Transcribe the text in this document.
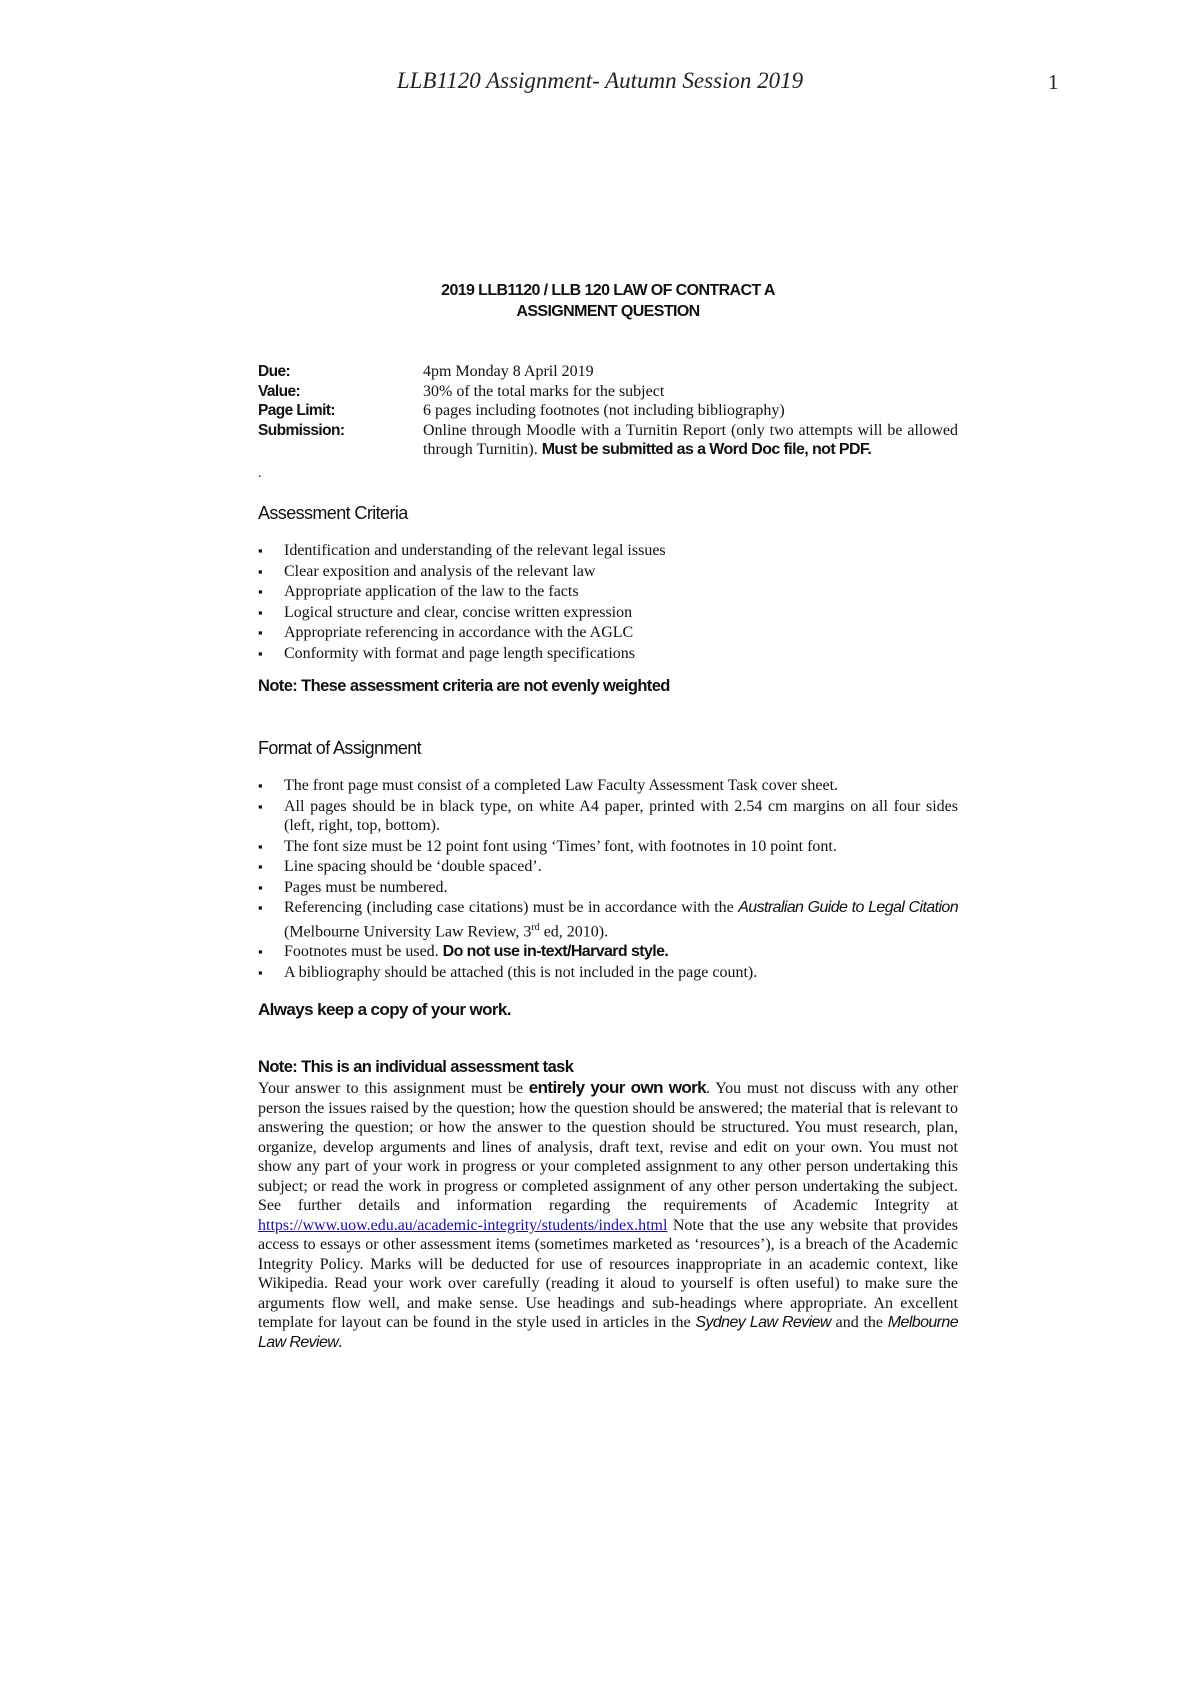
LLB1120 Assignment- Autumn Session 2019	1
2019 LLB1120 / LLB 120 LAW OF CONTRACT A
ASSIGNMENT QUESTION
Due:	4pm Monday 8 April 2019
Value:	30% of the total marks for the subject
Page Limit:	6 pages including footnotes (not including bibliography)
Submission:	Online through Moodle with a Turnitin Report (only two attempts will be allowed through Turnitin). Must be submitted as a Word Doc file, not PDF.
.
Assessment Criteria
▪ Identification and understanding of the relevant legal issues
▪ Clear exposition and analysis of the relevant law
▪ Appropriate application of the law to the facts
▪ Logical structure and clear, concise written expression
▪ Appropriate referencing in accordance with the AGLC
▪ Conformity with format and page length specifications
Note: These assessment criteria are not evenly weighted
Format of Assignment
▪ The front page must consist of a completed Law Faculty Assessment Task cover sheet.
▪ All pages should be in black type, on white A4 paper, printed with 2.54 cm margins on all four sides (left, right, top, bottom).
▪ The font size must be 12 point font using ‘Times’ font, with footnotes in 10 point font.
▪ Line spacing should be ‘double spaced’.
▪ Pages must be numbered.
▪ Referencing (including case citations) must be in accordance with the Australian Guide to Legal Citation (Melbourne University Law Review, 3rd ed, 2010).
▪ Footnotes must be used. Do not use in-text/Harvard style.
▪ A bibliography should be attached (this is not included in the page count).
Always keep a copy of your work.
Note: This is an individual assessment task
Your answer to this assignment must be entirely your own work. You must not discuss with any other person the issues raised by the question; how the question should be answered; the material that is relevant to answering the question; or how the answer to the question should be structured. You must research, plan, organize, develop arguments and lines of analysis, draft text, revise and edit on your own. You must not show any part of your work in progress or your completed assignment to any other person undertaking this subject; or read the work in progress or completed assignment of any other person undertaking the subject. See further details and information regarding the requirements of Academic Integrity at https://www.uow.edu.au/academic-integrity/students/index.html Note that the use any website that provides access to essays or other assessment items (sometimes marketed as ‘resources’), is a breach of the Academic Integrity Policy. Marks will be deducted for use of resources inappropriate in an academic context, like Wikipedia. Read your work over carefully (reading it aloud to yourself is often useful) to make sure the arguments flow well, and make sense. Use headings and sub-headings where appropriate. An excellent template for layout can be found in the style used in articles in the Sydney Law Review and the Melbourne Law Review.
